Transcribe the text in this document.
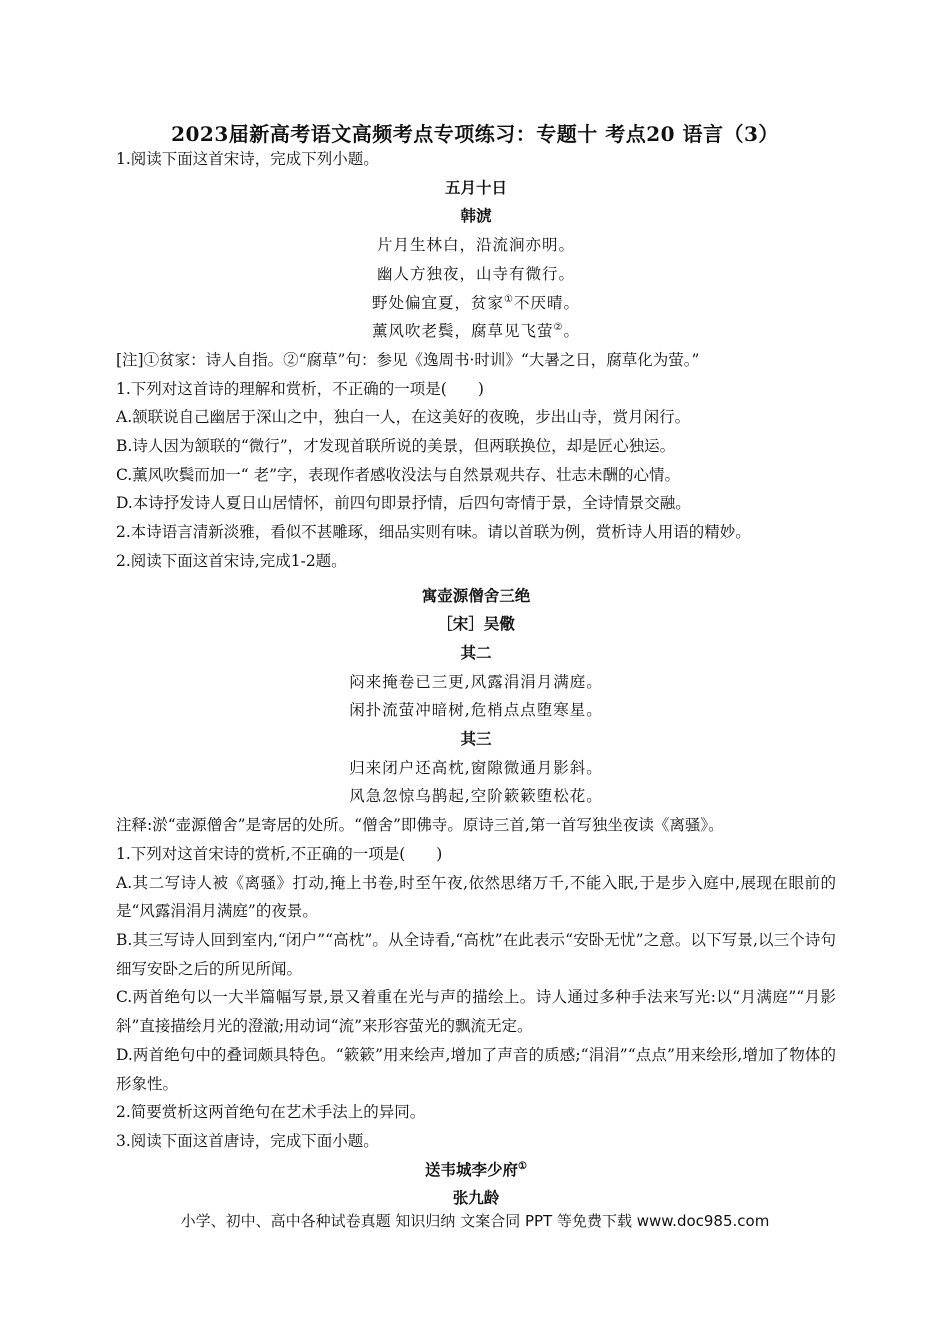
2023届新高考语文高频考点专项练习：专题十 考点20 语言（3）

1.阅读下面这首宋诗，完成下列小题。

五月十日

韩淲

片月生林白，沿流涧亦明。

幽人方独夜，山寺有微行。

野处偏宜夏，贫家①不厌晴。

薰风吹老鬓，腐草见飞萤②。

[注]①贫家：诗人自指。②“腐草”句：参见《逸周书·时训》“大暑之日，腐草化为萤。”

1.下列对这首诗的理解和赏析，不正确的一项是(　　)

A.颔联说自己幽居于深山之中，独白一人，在这美好的夜晚，步出山寺，赏月闲行。

B.诗人因为颔联的“微行”，才发现首联所说的美景，但两联换位，却是匠心独运。

C.薰风吹鬓而加一“ 老”字，表现作者感收没法与自然景观共存、壮志未酬的心情。

D.本诗抒发诗人夏日山居情怀，前四句即景抒情，后四句寄情于景，全诗情景交融。

2.本诗语言清新淡雅，看似不甚雕琢，细品实则有味。请以首联为例，赏析诗人用语的精妙。

2.阅读下面这首宋诗,完成1-2题。

寓壶源僧舍三绝

［宋］吴儆

其二

闷来掩卷已三更,风露涓涓月满庭。

闲扑流萤冲暗树,危梢点点堕寒星。

其三

归来闭户还高枕,窗隙微通月影斜。

风急忽惊乌鹊起,空阶簌簌堕松花。

注释:淤“壶源僧舍”是寄居的处所。“僧舍”即佛寺。原诗三首,第一首写独坐夜读《离骚》。

1.下列对这首宋诗的赏析,不正确的一项是(　　)

A.其二写诗人被《离骚》打动,掩上书卷,时至午夜,依然思绪万千,不能入眠,于是步入庭中,展现在眼前的是“风露涓涓月满庭”的夜景。

B.其三写诗人回到室内,“闭户”“高枕”。从全诗看,“高枕”在此表示“安卧无忧”之意。以下写景,以三个诗句细写安卧之后的所见所闻。

C.两首绝句以一大半篇幅写景,景又着重在光与声的描绘上。诗人通过多种手法来写光:以“月满庭”“月影斜”直接描绘月光的澄澈;用动词“流”来形容萤光的飘流无定。

D.两首绝句中的叠词颇具特色。“簌簌”用来绘声,增加了声音的质感;“涓涓”“点点”用来绘形,增加了物体的形象性。

2.简要赏析这两首绝句在艺术手法上的异同。

3.阅读下面这首唐诗，完成下面小题。

送韦城李少府①

张九龄

小学、初中、高中各种试卷真题 知识归纳 文案合同 PPT 等免费下载 www.doc985.com
